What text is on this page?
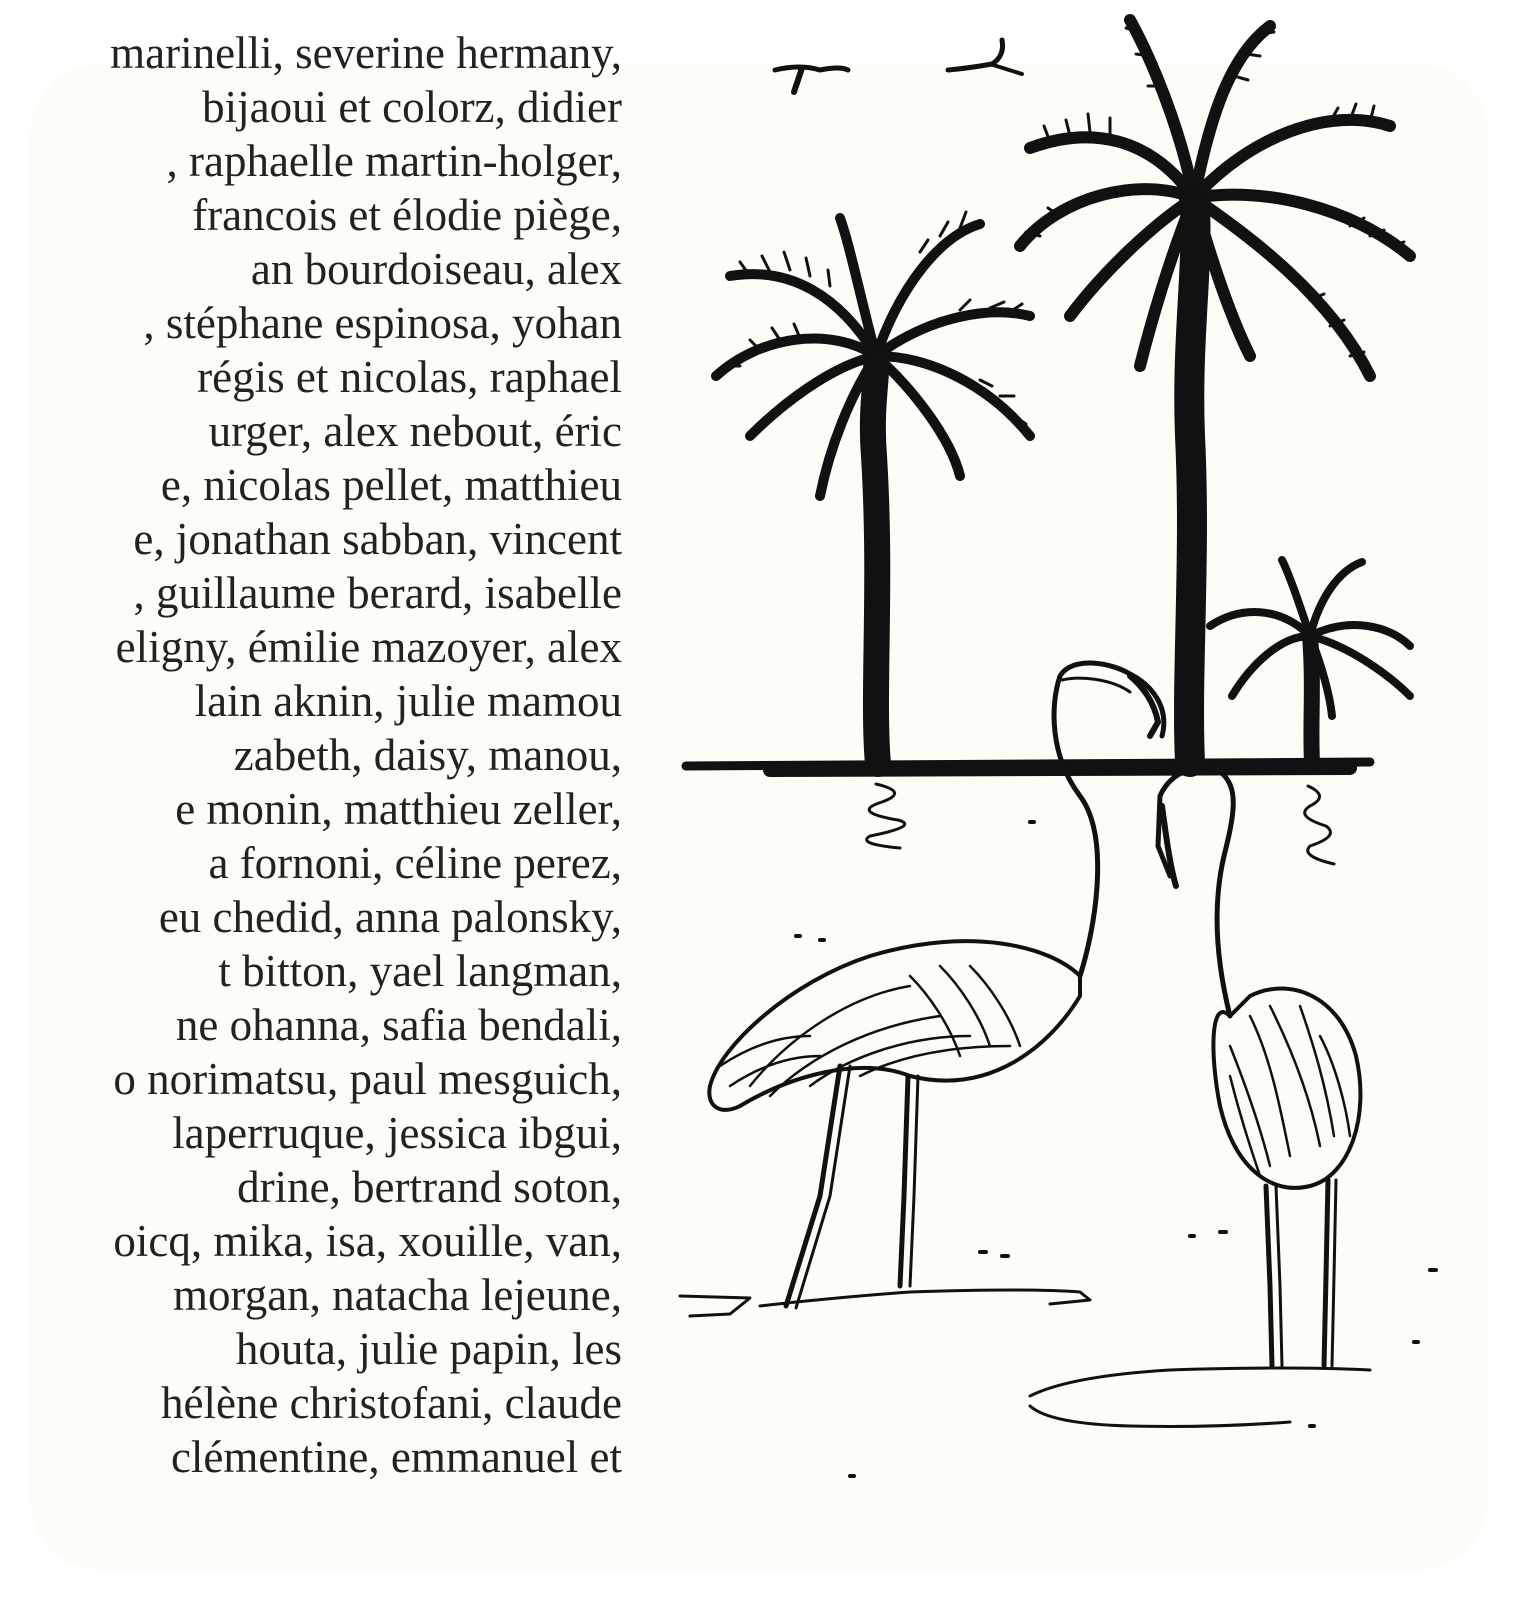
marinelli, severine hermany,
bijaoui et colorz, didier
, raphaelle martin-holger,
francois et élodie piège,
an bourdoiseau, alex
, stéphane espinosa, yohan
régis et nicolas, raphael
urger, alex nebout, éric
e, nicolas pellet, matthieu
e, jonathan sabban, vincent
, guillaume berard, isabelle
eligny, émilie mazoyer, alex
lain aknin, julie mamou
zabeth, daisy, manou,
e monin, matthieu zeller,
a fornoni, céline perez,
eu chedid, anna palonsky,
t bitton, yael langman,
ne ohanna, safia bendali,
o norimatsu, paul mesguich,
laperruque, jessica ibgui,
drine, bertrand soton,
oicq, mika, isa, xouille, van,
morgan, natacha lejeune,
houta, julie papin, les
hélène christofani, claude
clémentine, emmanuel et
